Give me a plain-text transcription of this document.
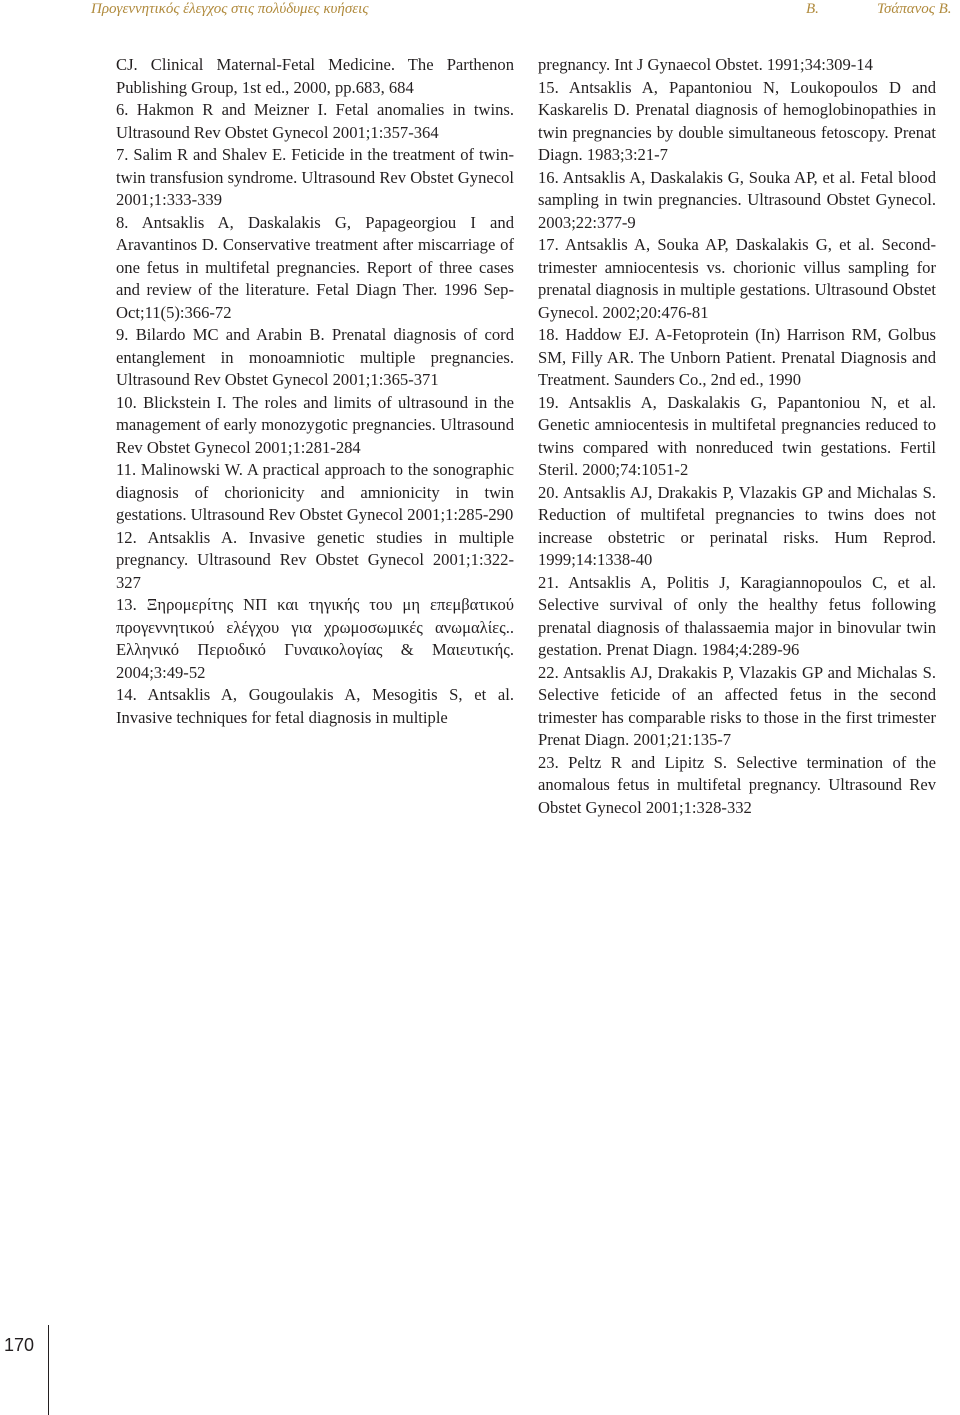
Προγεννητικός έλεγχος στις πολύδυμες κυήσεις	Β.	Τσάπανος Β.

CJ. Clinical Maternal-Fetal Medicine. The Parthenon Publishing Group, 1st ed., 2000, pp.683, 684

6. Hakmon R and Meizner I. Fetal anomalies in twins. Ultrasound Rev Obstet Gynecol 2001;1:357-364

7. Salim R and Shalev E. Feticide in the treatment of twin-twin transfusion syndrome. Ultrasound Rev Obstet Gynecol 2001;1:333-339

8. Antsaklis A, Daskalakis G, Papageorgiou I and Aravantinos D. Conservative treatment after miscarriage of one fetus in multifetal pregnancies. Report of three cases and review of the literature. Fetal Diagn Ther. 1996 Sep-Oct;11(5):366-72

9. Bilardo MC and Arabin B. Prenatal diagnosis of cord entanglement in monoamniotic multiple pregnancies. Ultrasound Rev Obstet Gynecol 2001;1:365-371

10. Blickstein I. The roles and limits of ultrasound in the management of early monozygotic pregnancies. Ultrasound Rev Obstet Gynecol 2001;1:281-284

11. Malinowski W. A practical approach to the sonographic diagnosis of chorionicity and amnionicity in twin gestations. Ultrasound Rev Obstet Gynecol 2001;1:285-290

12. Antsaklis A. Invasive genetic studies in multiple pregnancy. Ultrasound Rev Obstet Gynecol 2001;1:322-327

13. Ξηρομερίτης ΝΠ και τηγικής του μη επεμβατικού προγεννητικού ελέγχου για χρωμοσωμικές ανωμαλίες.. Ελληνικό Περιοδικό Γυναικολογίας & Μαιευτικής. 2004;3:49-52

14. Antsaklis A, Gougoulakis A, Mesogitis S, et al. Invasive techniques for fetal diagnosis in multiple

pregnancy. Int J Gynaecol Obstet. 1991;34:309-14

15. Antsaklis A, Papantoniou N, Loukopoulos D and Kaskarelis D. Prenatal diagnosis of hemoglobinopathies in twin pregnancies by double simultaneous fetoscopy. Prenat Diagn. 1983;3:21-7

16. Antsaklis A, Daskalakis G, Souka AP, et al. Fetal blood sampling in twin pregnancies. Ultrasound Obstet Gynecol. 2003;22:377-9

17. Antsaklis A, Souka AP, Daskalakis G, et al. Second-trimester amniocentesis vs. chorionic villus sampling for prenatal diagnosis in multiple gestations. Ultrasound Obstet Gynecol. 2002;20:476-81

18. Haddow EJ. A-Fetoprotein (In) Harrison RM, Golbus SM, Filly AR. The Unborn Patient. Prenatal Diagnosis and Treatment. Saunders Co., 2nd ed., 1990

19. Antsaklis A, Daskalakis G, Papantoniou N, et al. Genetic amniocentesis in multifetal pregnancies reduced to twins compared with nonreduced twin gestations. Fertil Steril. 2000;74:1051-2

20. Antsaklis AJ, Drakakis P, Vlazakis GP and Michalas S. Reduction of multifetal pregnancies to twins does not increase obstetric or perinatal risks. Hum Reprod. 1999;14:1338-40

21. Antsaklis A, Politis J, Karagiannopoulos C, et al. Selective survival of only the healthy fetus following prenatal diagnosis of thalassaemia major in binovular twin gestation. Prenat Diagn. 1984;4:289-96

22. Antsaklis AJ, Drakakis P, Vlazakis GP and Michalas S. Selective feticide of an affected fetus in the second trimester has comparable risks to those in the first trimester Prenat Diagn. 2001;21:135-7

23. Peltz R and Lipitz S. Selective termination of the anomalous fetus in multifetal pregnancy. Ultrasound Rev Obstet Gynecol 2001;1:328-332

170
